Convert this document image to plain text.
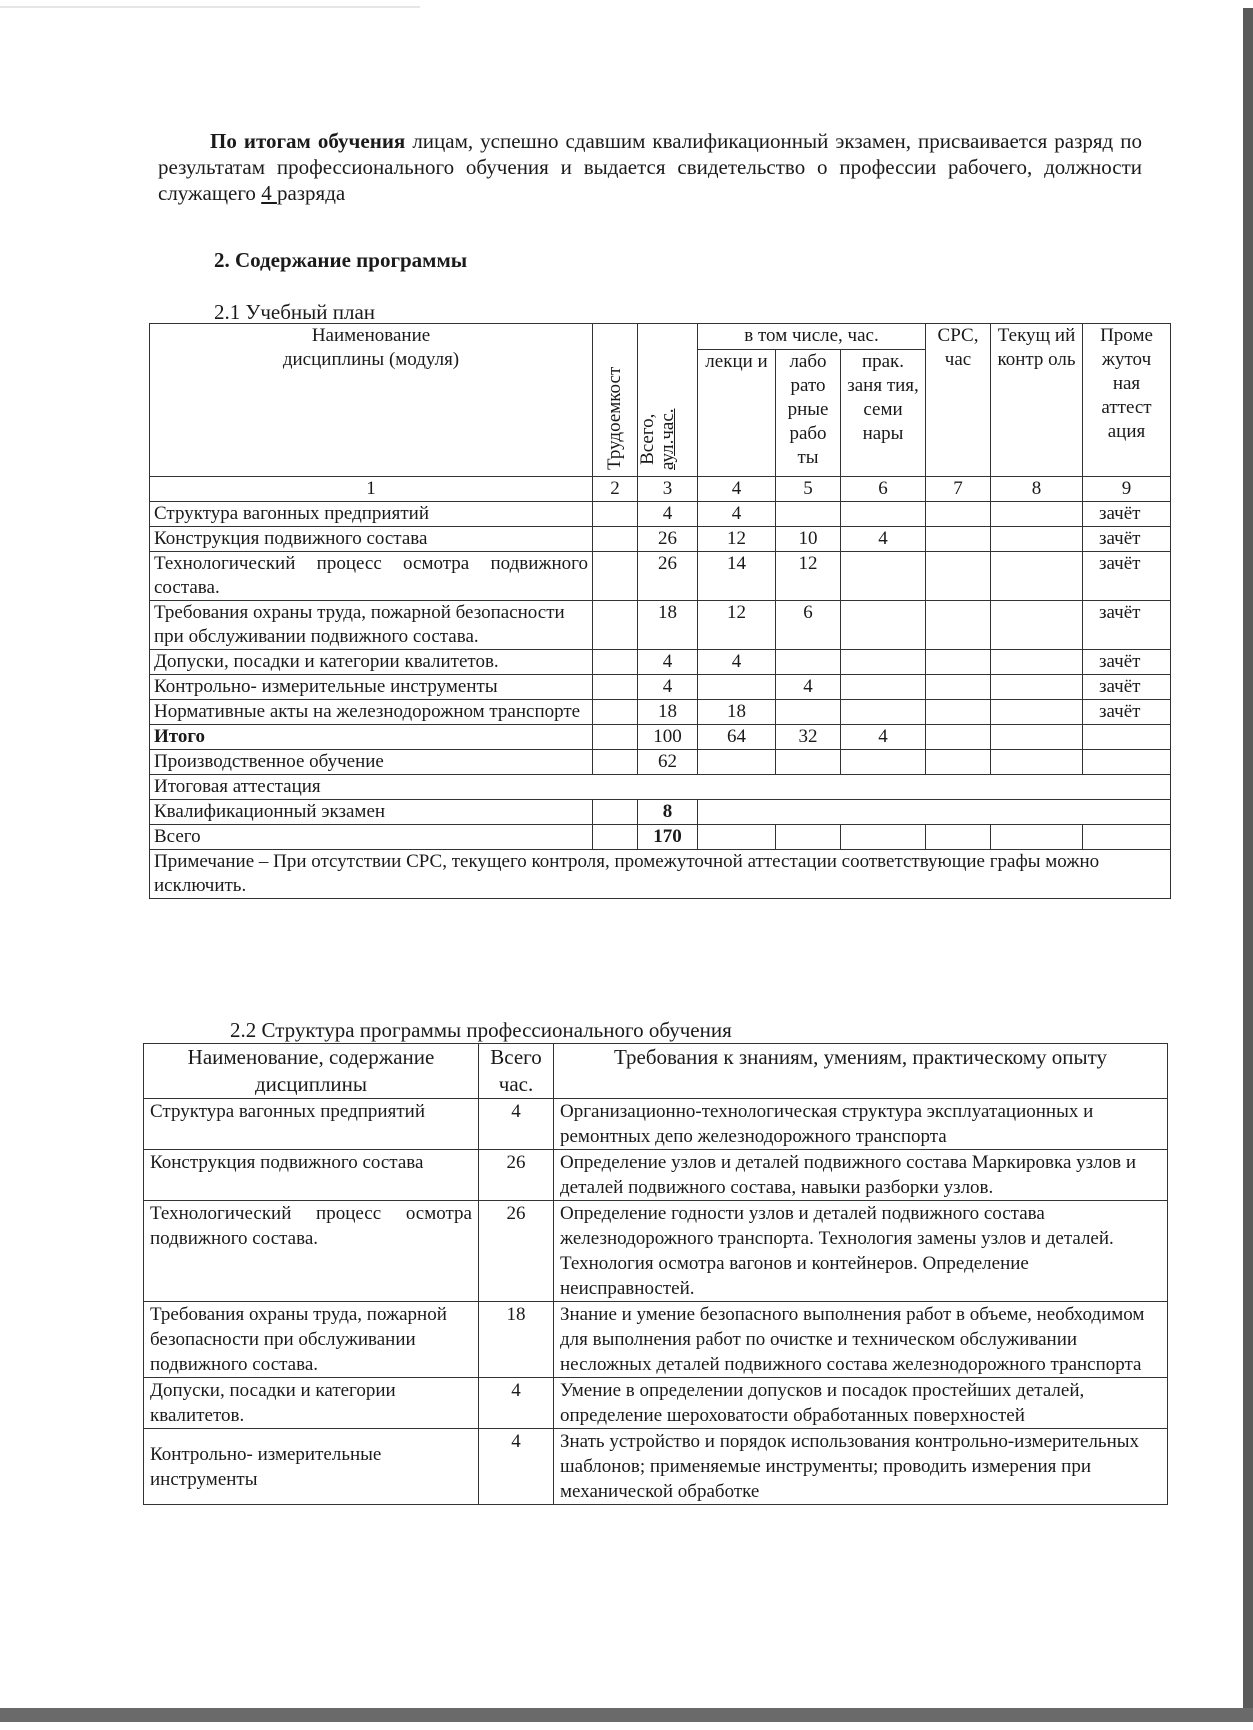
По итогам обучения лицам, успешно сдавшим квалификационный экзамен, присваивается разряд по результатам профессионального обучения и выдается свидетельство о профессии рабочего, должности служащего 4 разряда

2. Содержание программы
2.1 Учебный план
Наименование дисциплины (модуля)	Трудоемкост	Всего, аул.час.	в том числе, час.			СРС, час	Текущ ий контр оль	Проме жуточ ная аттест ация
			лекци и	лабо рато рные рабо ты	прак. заня тия, семи нары			
1	2	3	4	5	6	7	8	9
Структура вагонных предприятий		4	4					зачёт
Конструкция подвижного состава		26	12	10	4			зачёт
Технологический процесс осмотра подвижного состава.		26	14	12				зачёт
Требования охраны труда, пожарной безопасности при обслуживании подвижного состава.		18	12	6				зачёт
Допуски, посадки и категории квалитетов.		4	4					зачёт
Контрольно- измерительные инструменты		4		4				зачёт
Нормативные акты на железнодорожном транспорте		18	18					зачёт
Итого		100	64	32	4			
Производственное обучение		62						
Итоговая аттестация								
Квалификационный экзамен		8						
Всего		170						
Примечание – При отсутствии СРС, текущего контроля, промежуточной аттестации соответствующие графы можно исключить.								
2.2 Структура программы профессионального обучения
Наименование, содержание дисциплины	Всего час.	Требования к знаниям, умениям, практическому опыту
Структура вагонных предприятий	4	Организационно-технологическая структура эксплуатационных и ремонтных депо железнодорожного транспорта
Конструкция подвижного состава	26	Определение узлов и деталей подвижного состава Маркировка узлов и деталей подвижного состава, навыки разборки узлов.
Технологический процесс осмотра подвижного состава.	26	Определение годности узлов и деталей подвижного состава железнодорожного транспорта. Технология замены узлов и деталей. Технология осмотра вагонов и контейнеров. Определение неисправностей.
Требования охраны труда, пожарной безопасности при обслуживании подвижного состава.	18	Знание и умение безопасного выполнения работ в объеме, необходимом для выполнения работ по очистке и техническом обслуживании несложных деталей подвижного состава железнодорожного транспорта
Допуски, посадки и категории квалитетов.	4	Умение в определении допусков и посадок простейших деталей, определение шероховатости обработанных поверхностей
Контрольно- измерительные инструменты	4	Знать устройство и порядок использования контрольно-измерительных шаблонов; применяемые инструменты; проводить измерения при механической обработке
